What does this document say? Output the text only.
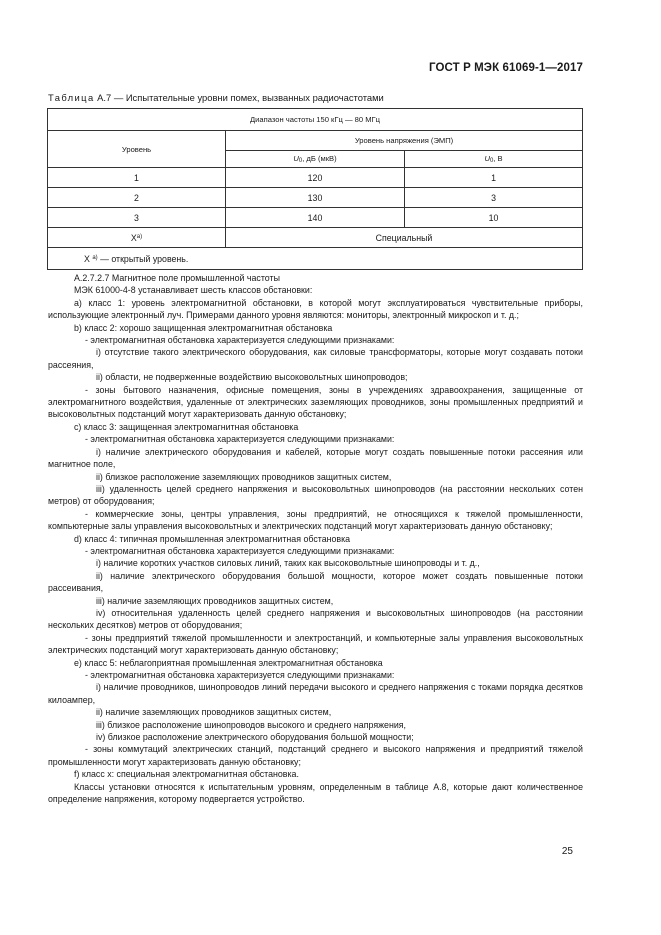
ГОСТ Р МЭК 61069-1—2017
Таблица А.7 — Испытательные уровни помех, вызванных радиочастотами
Диапазон частоты 150 кГц — 80 МГц		
Уровень	Уровень напряжения (ЭМП)	
	$U_0$, дБ (мкВ)	$U_0$, В
1	120	1
2	130	3
3	140	10
$X^{а)}$	Специальный	
X $^{а)}$ — открытый уровень.		

А.2.7.2.7 Магнитное поле промышленной частоты

МЭК 61000-4-8 устанавливает шесть классов обстановки:

а) класс 1: уровень электромагнитной обстановки, в которой могут эксплуатироваться чувствительные приборы, использующие электронный луч. Примерами данного уровня являются: мониторы, электронный микроскоп и т. д.;

b) класс 2: хорошо защищенная электромагнитная обстановка

- электромагнитная обстановка характеризуется следующими признаками:

i) отсутствие такого электрического оборудования, как силовые трансформаторы, которые могут создавать потоки рассеяния,

ii) области, не подверженные воздействию высоковольтных шинопроводов;

- зоны бытового назначения, офисные помещения, зоны в учреждениях здравоохранения, защищенные от электромагнитного воздействия, удаленные от электрических заземляющих проводников, зоны промышленных предприятий и высоковольтных подстанций могут характеризовать данную обстановку;

с) класс 3: защищенная электромагнитная обстановка

- электромагнитная обстановка характеризуется следующими признаками:

i) наличие электрического оборудования и кабелей, которые могут создать повышенные потоки рассеяния или магнитное поле,

ii) близкое расположение заземляющих проводников защитных систем,

iii) удаленность целей среднего напряжения и высоковольтных шинопроводов (на расстоянии нескольких сотен метров) от оборудования;

- коммерческие зоны, центры управления, зоны предприятий, не относящихся к тяжелой промышленности, компьютерные залы управления высоковольтных и электрических подстанций могут характеризовать данную обстановку;

d) класс 4: типичная промышленная электромагнитная обстановка

- электромагнитная обстановка характеризуется следующими признаками:

i) наличие коротких участков силовых линий, таких как высоковольтные шинопроводы и т. д.,

ii) наличие электрического оборудования большой мощности, которое может создать повышенные потоки рассеивания,

iii) наличие заземляющих проводников защитных систем,

iv) относительная удаленность целей среднего напряжения и высоковольтных шинопроводов (на расстоянии нескольких десятков) метров от оборудования;

- зоны предприятий тяжелой промышленности и электростанций, и компьютерные залы управления высоковольтных электрических подстанций могут характеризовать данную обстановку;

е) класс 5: неблагоприятная промышленная электромагнитная обстановка

- электромагнитная обстановка характеризуется следующими признаками:

i) наличие проводников, шинопроводов линий передачи высокого и среднего напряжения с токами порядка десятков килоампер,

ii) наличие заземляющих проводников защитных систем,

iii) близкое расположение шинопроводов высокого и среднего напряжения,

iv) близкое расположение электрического оборудования большой мощности;

- зоны коммутаций электрических станций, подстанций среднего и высокого напряжения и предприятий тяжелой промышленности могут характеризовать данную обстановку;

f) класс х: специальная электромагнитная обстановка.

Классы установки относятся к испытательным уровням, определенным в таблице А.8, которые дают количественное определение напряжения, которому подвергается устройство.

25
